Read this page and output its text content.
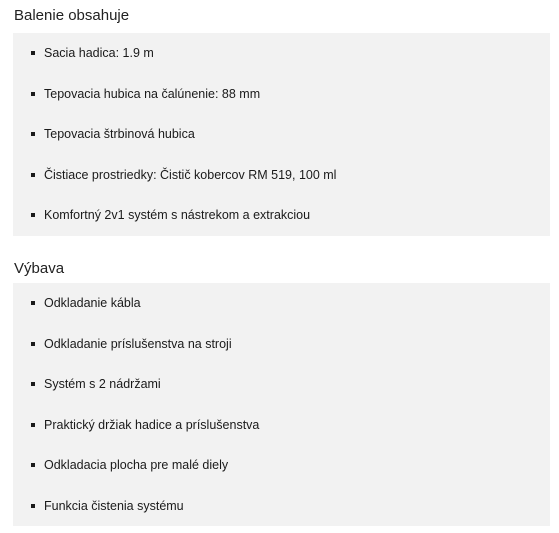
Balenie obsahuje
Sacia hadica: 1.9 m
Tepovacia hubica na čalúnenie: 88 mm
Tepovacia štrbinová hubica
Čistiace prostriedky: Čistič kobercov RM 519, 100 ml
Komfortný 2v1 systém s nástrekom a extrakciou
Výbava
Odkladanie kábla
Odkladanie príslušenstva na stroji
Systém s 2 nádržami
Praktický držiak hadice a príslušenstva
Odkladacia plocha pre malé diely
Funkcia čistenia systému
